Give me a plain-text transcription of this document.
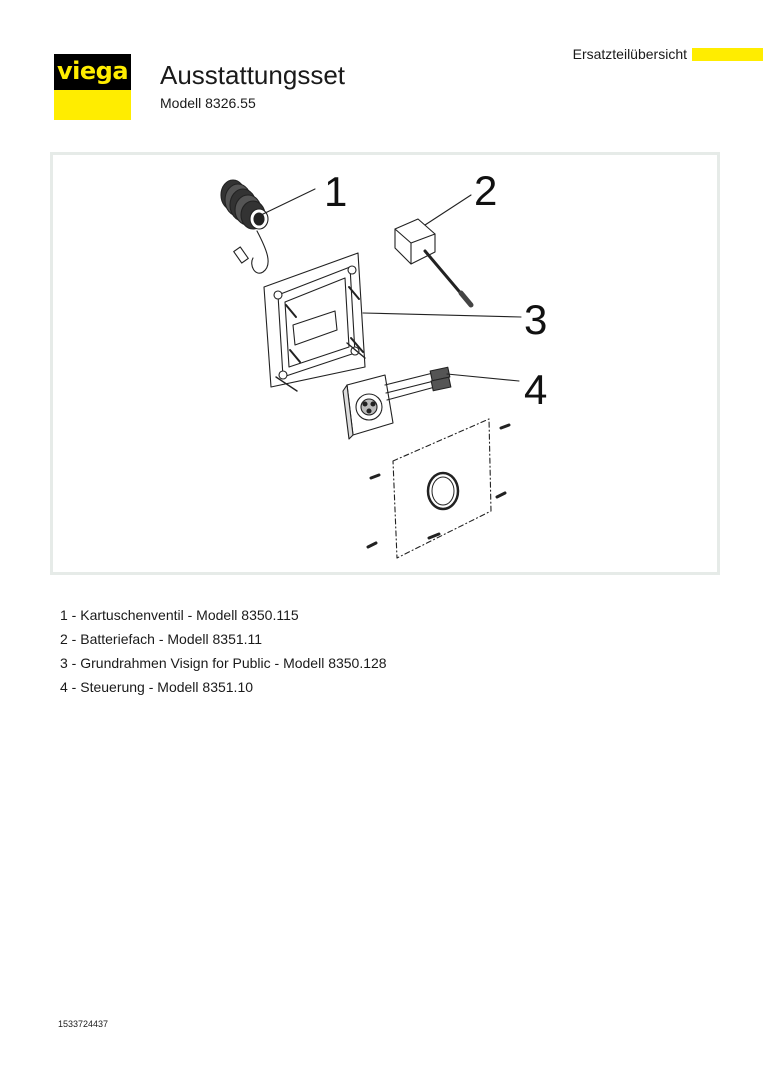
viega Ausstattungsset
Modell 8326.55
Ersatzteilübersicht
1	2
3
4
1 - Kartuschenventil - Modell 8350.115
2 - Batteriefach - Modell 8351.11
3 - Grundrahmen Visign for Public - Modell 8350.128
4 - Steuerung - Modell 8351.10
1533724437
